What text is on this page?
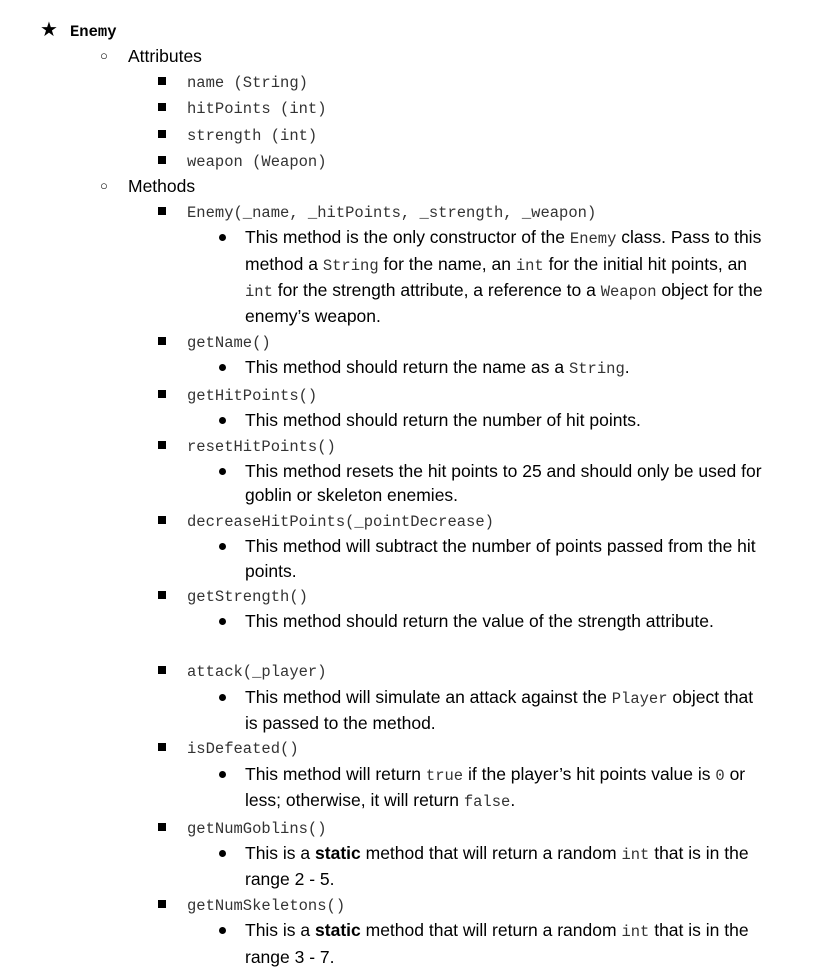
★ Enemy
○ Attributes
name (String)
hitPoints (int)
strength (int)
weapon (Weapon)
○ Methods
Enemy(_name, _hitPoints, _strength, _weapon)
This method is the only constructor of the Enemy class. Pass to this method a String for the name, an int for the initial hit points, an int for the strength attribute, a reference to a Weapon object for the enemy’s weapon.
getName()
This method should return the name as a String.
getHitPoints()
This method should return the number of hit points.
resetHitPoints()
This method resets the hit points to 25 and should only be used for goblin or skeleton enemies.
decreaseHitPoints(_pointDecrease)
This method will subtract the number of points passed from the hit points.
getStrength()
This method should return the value of the strength attribute.
attack(_player)
This method will simulate an attack against the Player object that is passed to the method.
isDefeated()
This method will return true if the player’s hit points value is 0 or less; otherwise, it will return false.
getNumGoblins()
This is a static method that will return a random int that is in the range 2 - 5.
getNumSkeletons()
This is a static method that will return a random int that is in the range 3 - 7.
